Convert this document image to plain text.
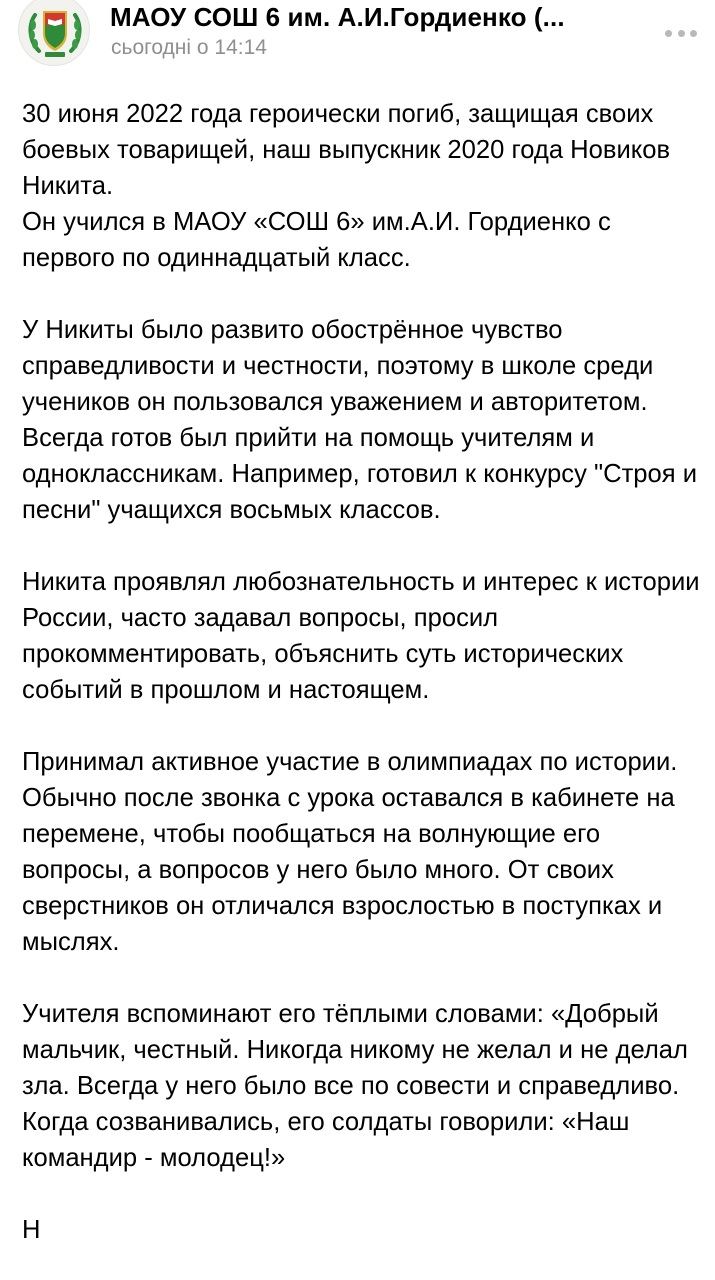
МАОУ СОШ 6 им. А.И.Гордиенко (...
сьогодні о 14:14

30 июня 2022 года героически погиб, защищая своих боевых товарищей, наш выпускник 2020 года Новиков Никита.
Он учился в МАОУ «СОШ 6» им.А.И. Гордиенко с первого по одиннадцатый класс.

У Никиты было развито обострённое чувство справедливости и честности, поэтому в школе среди учеников он пользовался уважением и авторитетом.
Всегда готов был прийти на помощь учителям и одноклассникам. Например, готовил к конкурсу "Строя и песни" учащихся восьмых классов.

Никита проявлял любознательность и интерес к истории России, часто задавал вопросы, просил прокомментировать, объяснить суть исторических событий в прошлом и настоящем.

Принимал активное участие в олимпиадах по истории. Обычно после звонка с урока оставался в кабинете на перемене, чтобы пообщаться на волнующие его вопросы, а вопросов у него было много. От своих сверстников он отличался взрослостью в поступках и мыслях.

Учителя вспоминают его тёплыми словами: «Добрый мальчик, честный. Никогда никому не желал и не делал зла. Всегда у него было все по совести и справедливо. Когда созванивались, его солдаты говорили: «Наш командир - молодец!»

Н
